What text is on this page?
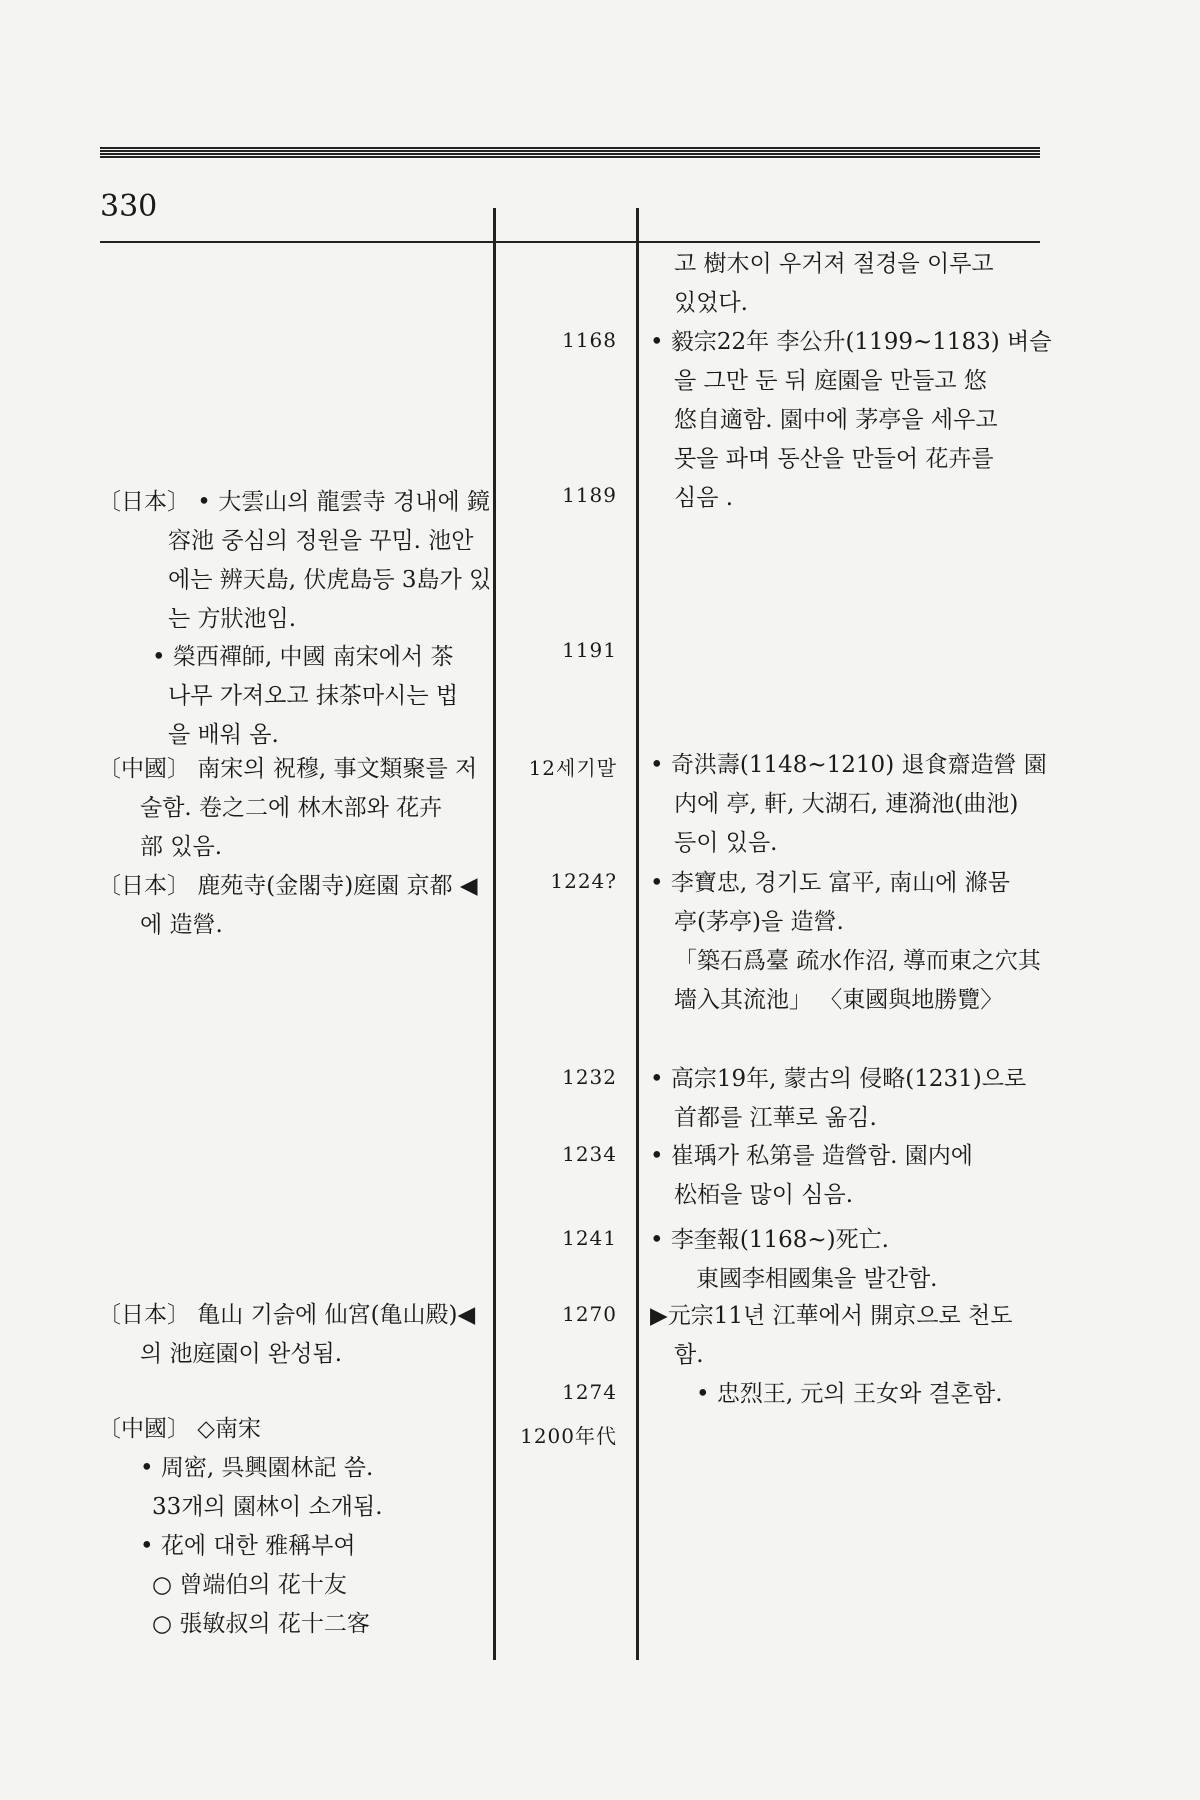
330
〔日本〕 • 大雲山의 龍雲寺 경내에 鏡
容池 중심의 정원을 꾸밈. 池안
에는 辨天島, 伏虎島등 3島가 있
는 方狀池임.
• 榮西禪師, 中國 南宋에서 茶
나무 가져오고 抹茶마시는 법
을 배워 옴.
〔中國〕 南宋의 祝穆, 事文類聚를 저
술함. 卷之二에 林木部와 花卉
部 있음.
〔日本〕 鹿苑寺(金閣寺)庭園 京都 ◀
에 造營.
〔日本〕 亀山 기슭에 仙宮(亀山殿)◀
의 池庭園이 완성됨.
〔中國〕 ◇南宋
• 周密, 呉興園林記 씀.
33개의 園林이 소개됨.
• 花에 대한 雅稱부여
○ 曾端伯의 花十友
○ 張敏叔의 花十二客
1168
1189
1191
12세기말
1224?
1232
1234
1241
1270
1274
1200年代
고 樹木이 우거져 절경을 이루고
있었다.
• 毅宗22年 李公升(1199~1183) 벼슬
을 그만 둔 뒤 庭園을 만들고 悠
悠自適함. 園中에 茅亭을 세우고
못을 파며 동산을 만들어 花卉를
심음 .
• 奇洪壽(1148~1210) 退食齋造營 園
内에 亭, 軒, 大湖石, 連漪池(曲池)
등이 있음.
• 李寶忠, 경기도 富平, 南山에 滌뭄
亭(茅亭)을 造營.
「築石爲臺 疏水作沼, 導而東之穴其
墻入其流池」 〈東國與地勝覽〉
• 高宗19年, 蒙古의 侵略(1231)으로
首都를 江華로 옮김.
• 崔瑀가 私第를 造營함. 園内에
松栢을 많이 심음.
• 李奎報(1168~)死亡.
東國李相國集을 발간함.
▶元宗11년 江華에서 開京으로 천도
함.
• 忠烈王, 元의 王女와 결혼함.
